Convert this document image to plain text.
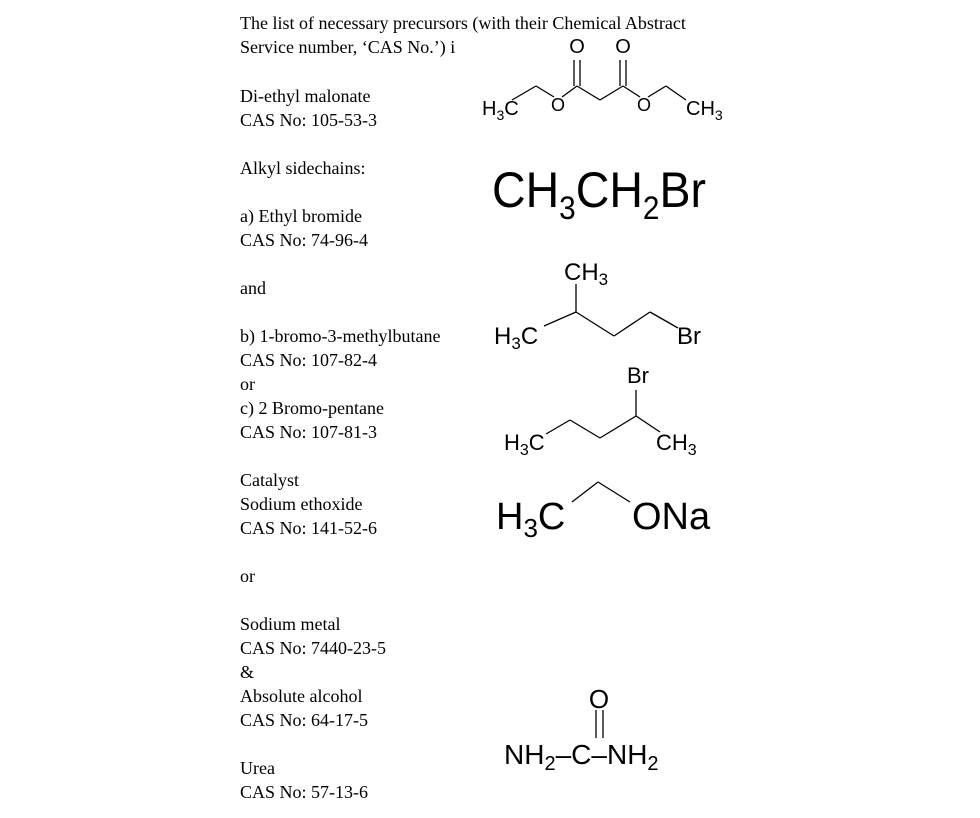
The list of necessary precursors (with their Chemical Abstract

Service number, ‘CAS No.’) i

Di-ethyl malonate

CAS No: 105-53-3

Alkyl sidechains:

a) Ethyl bromide

CAS No: 74-96-4

and

b) 1-bromo-3-methylbutane

CAS No: 107-82-4

or

c) 2 Bromo-pentane

CAS No: 107-81-3

Catalyst

Sodium ethoxide

CAS No: 141-52-6

or

Sodium metal

CAS No: 7440-23-5

&

Absolute alcohol

CAS No: 64-17-5

Urea

CAS No: 57-13-6

O O
O	O
$H_3C$	$CH_3$
$CH_3CH_2Br$
$CH_3$
$H_3C$	Br
Br
$H_3C$	$CH_3$
$H_3C$ ONa
O
$NH_2-C-NH_2$
